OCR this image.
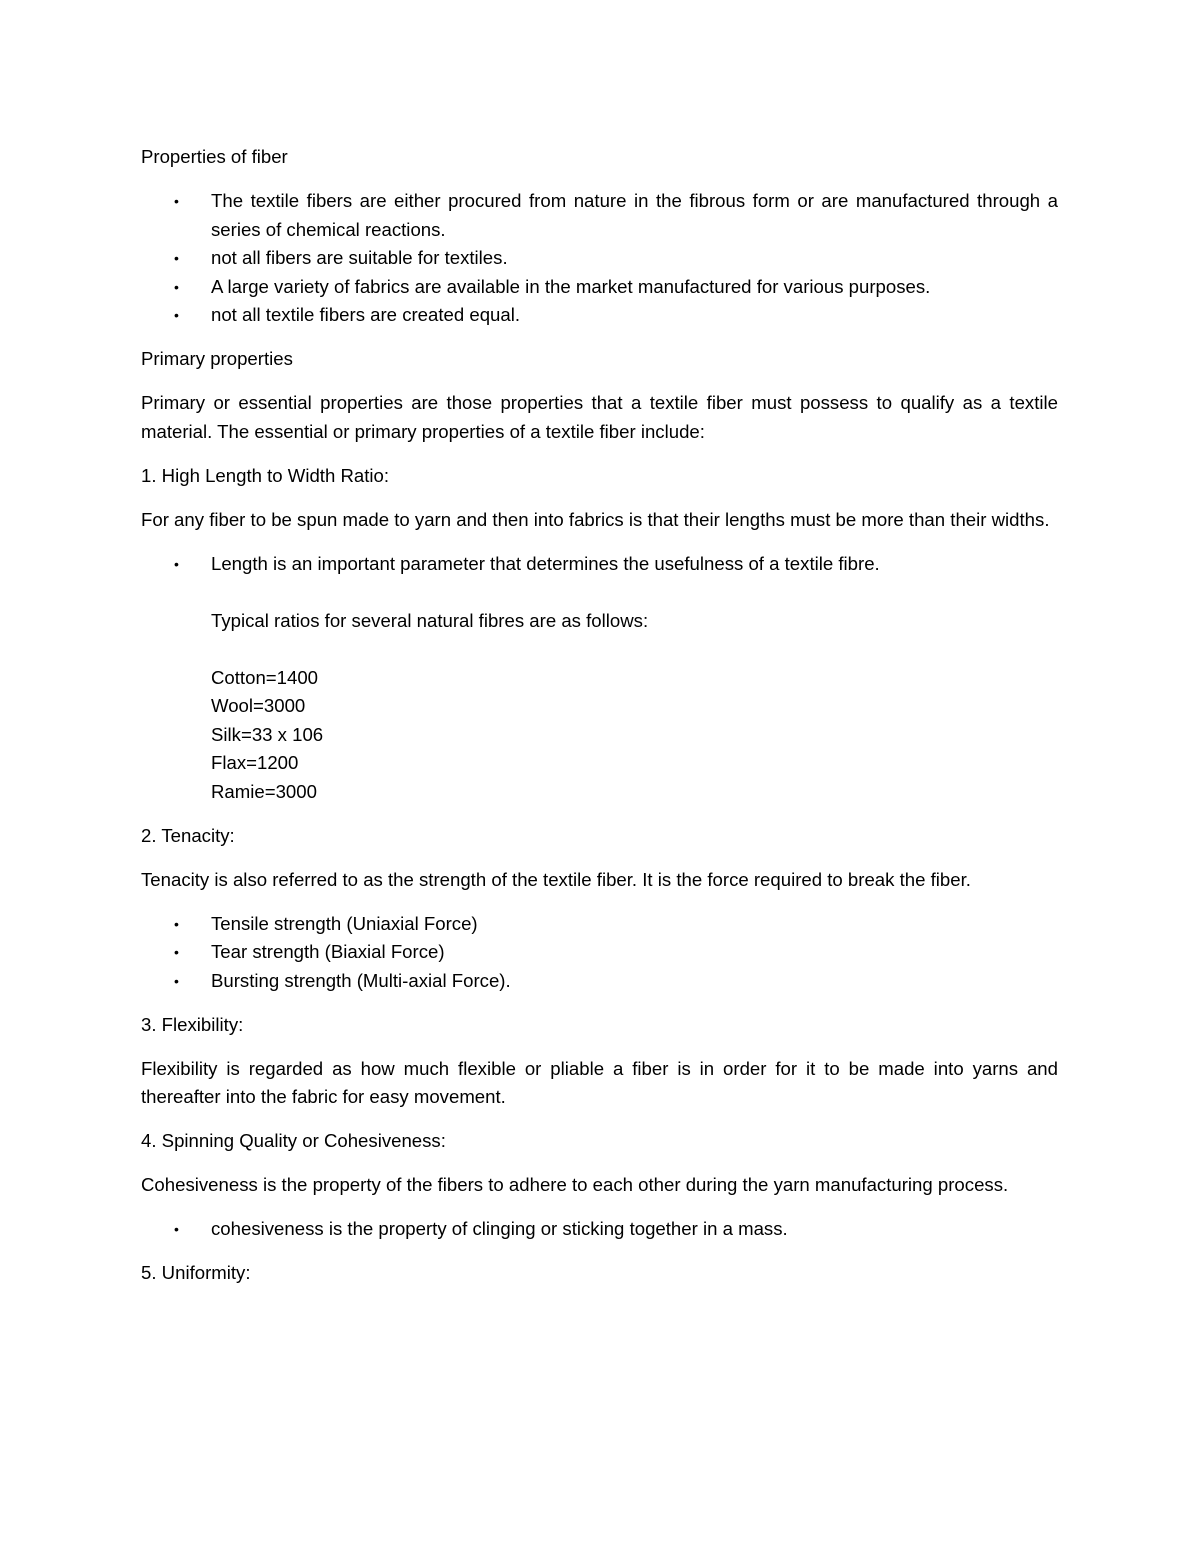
Properties of fiber

• The textile fibers are either procured from nature in the fibrous form or are manufactured through a series of chemical reactions.
• not all fibers are suitable for textiles.
• A large variety of fabrics are available in the market manufactured for various purposes.
• not all textile fibers are created equal.

Primary properties

Primary or essential properties are those properties that a textile fiber must possess to qualify as a textile material. The essential or primary properties of a textile fiber include:

1. High Length to Width Ratio:

For any fiber to be spun made to yarn and then into fabrics is that their lengths must be more than their widths.

• Length is an important parameter that determines the usefulness of a textile fibre.
Typical ratios for several natural fibres are as follows:
Cotton=1400
Wool=3000
Silk=33 x 106
Flax=1200
Ramie=3000

2. Tenacity:

Tenacity is also referred to as the strength of the textile fiber. It is the force required to break the fiber.

• Tensile strength (Uniaxial Force)
• Tear strength (Biaxial Force)
• Bursting strength (Multi-axial Force).

3. Flexibility:

Flexibility is regarded as how much flexible or pliable a fiber is in order for it to be made into yarns and thereafter into the fabric for easy movement.

4. Spinning Quality or Cohesiveness:

Cohesiveness is the property of the fibers to adhere to each other during the yarn manufacturing process.

• cohesiveness is the property of clinging or sticking together in a mass.

5. Uniformity:
